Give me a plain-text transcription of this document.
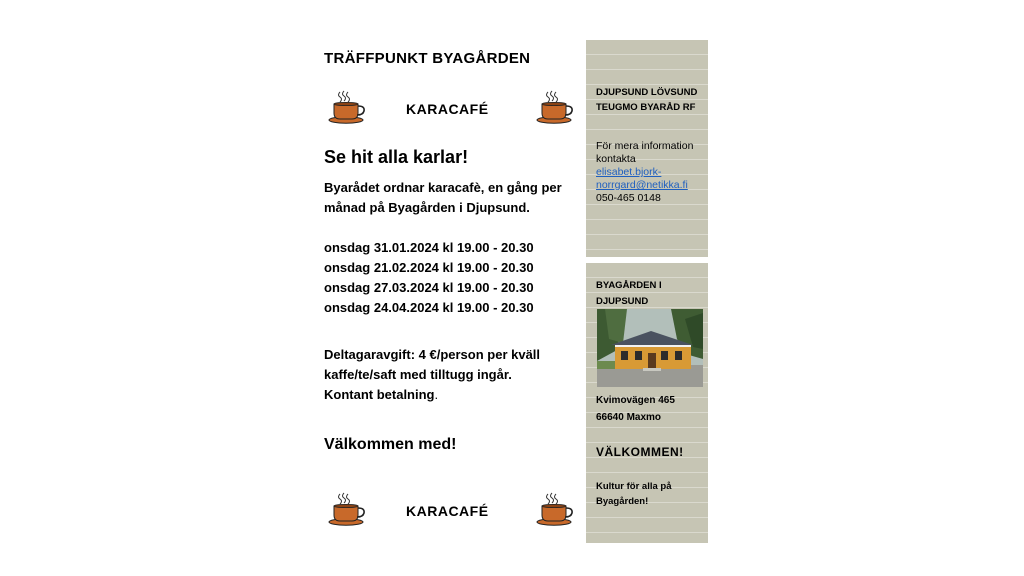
TRÄFFPUNKT BYAGÅRDEN
KARACAFÉ
Se hit alla karlar!
Byarådet ordnar karacafè, en gång per månad på Byagården i Djupsund.
onsdag 31.01.2024 kl 19.00 - 20.30
onsdag 21.02.2024 kl 19.00 - 20.30
onsdag 27.03.2024 kl 19.00 - 20.30
onsdag 24.04.2024 kl 19.00 - 20.30
Deltagaravgift: 4 €/person per kväll
kaffe/te/saft med tilltugg ingår.
Kontant betalning.
Välkommen med!
KARACAFÉ
DJUPSUND LÖVSUND
TEUGMO BYARÅD RF
För mera information kontakta
elisabet.bjork-
norrgard@netikka.fi
050-465 0148
BYAGÅRDEN I
DJUPSUND
Kvimovägen 465
66640 Maxmo
VÄLKOMMEN!
Kultur för alla på
Byagården!
